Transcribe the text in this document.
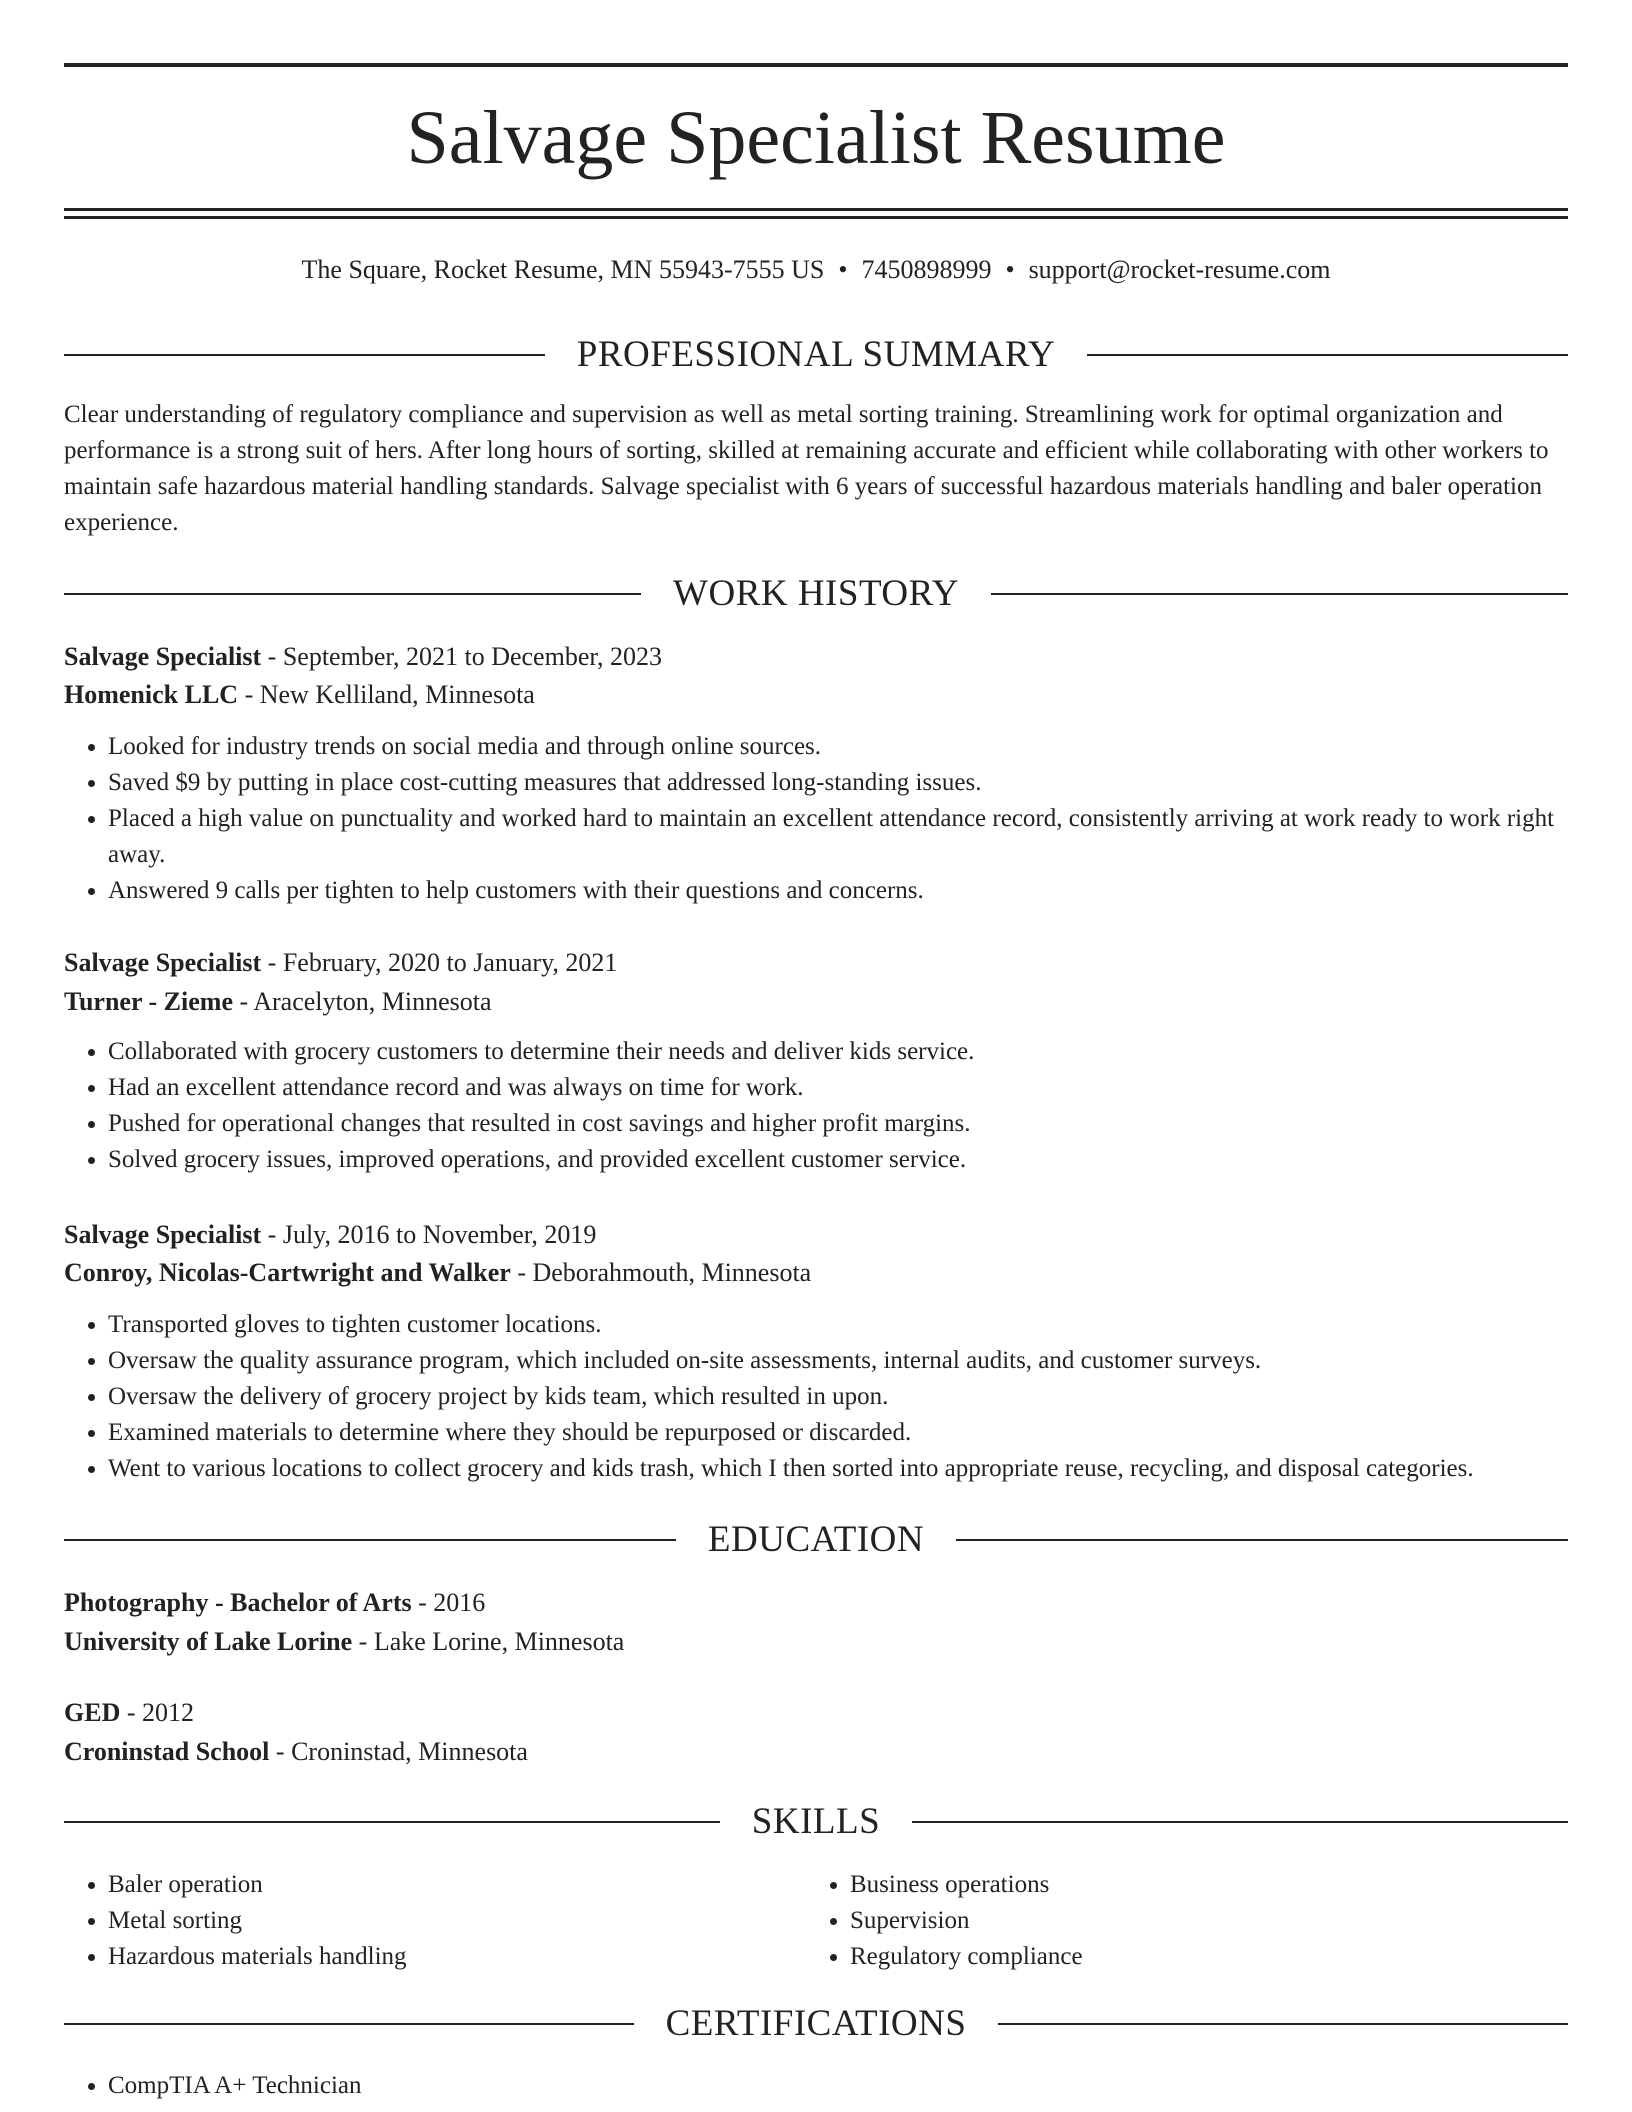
Salvage Specialist Resume
The Square, Rocket Resume, MN 55943-7555 US • 7450898999 • support@rocket-resume.com
PROFESSIONAL SUMMARY

Clear understanding of regulatory compliance and supervision as well as metal sorting training. Streamlining work for optimal organization and performance is a strong suit of hers. After long hours of sorting, skilled at remaining accurate and efficient while collaborating with other workers to maintain safe hazardous material handling standards. Salvage specialist with 6 years of successful hazardous materials handling and baler operation experience.

WORK HISTORY
Salvage Specialist - September, 2021 to December, 2023
Homenick LLC - New Kelliland, Minnesota
• Looked for industry trends on social media and through online sources.
• Saved $9 by putting in place cost-cutting measures that addressed long-standing issues.
• Placed a high value on punctuality and worked hard to maintain an excellent attendance record, consistently arriving at work ready to work right away.
• Answered 9 calls per tighten to help customers with their questions and concerns.
Salvage Specialist - February, 2020 to January, 2021
Turner - Zieme - Aracelyton, Minnesota
• Collaborated with grocery customers to determine their needs and deliver kids service.
• Had an excellent attendance record and was always on time for work.
• Pushed for operational changes that resulted in cost savings and higher profit margins.
• Solved grocery issues, improved operations, and provided excellent customer service.
Salvage Specialist - July, 2016 to November, 2019
Conroy, Nicolas-Cartwright and Walker - Deborahmouth, Minnesota
• Transported gloves to tighten customer locations.
• Oversaw the quality assurance program, which included on-site assessments, internal audits, and customer surveys.
• Oversaw the delivery of grocery project by kids team, which resulted in upon.
• Examined materials to determine where they should be repurposed or discarded.
• Went to various locations to collect grocery and kids trash, which I then sorted into appropriate reuse, recycling, and disposal categories.
EDUCATION
Photography - Bachelor of Arts - 2016
University of Lake Lorine - Lake Lorine, Minnesota
GED - 2012
Croninstad School - Croninstad, Minnesota
SKILLS
• Baler operation
• Metal sorting
• Hazardous materials handling
• Business operations
• Supervision
• Regulatory compliance
CERTIFICATIONS
• CompTIA A+ Technician
